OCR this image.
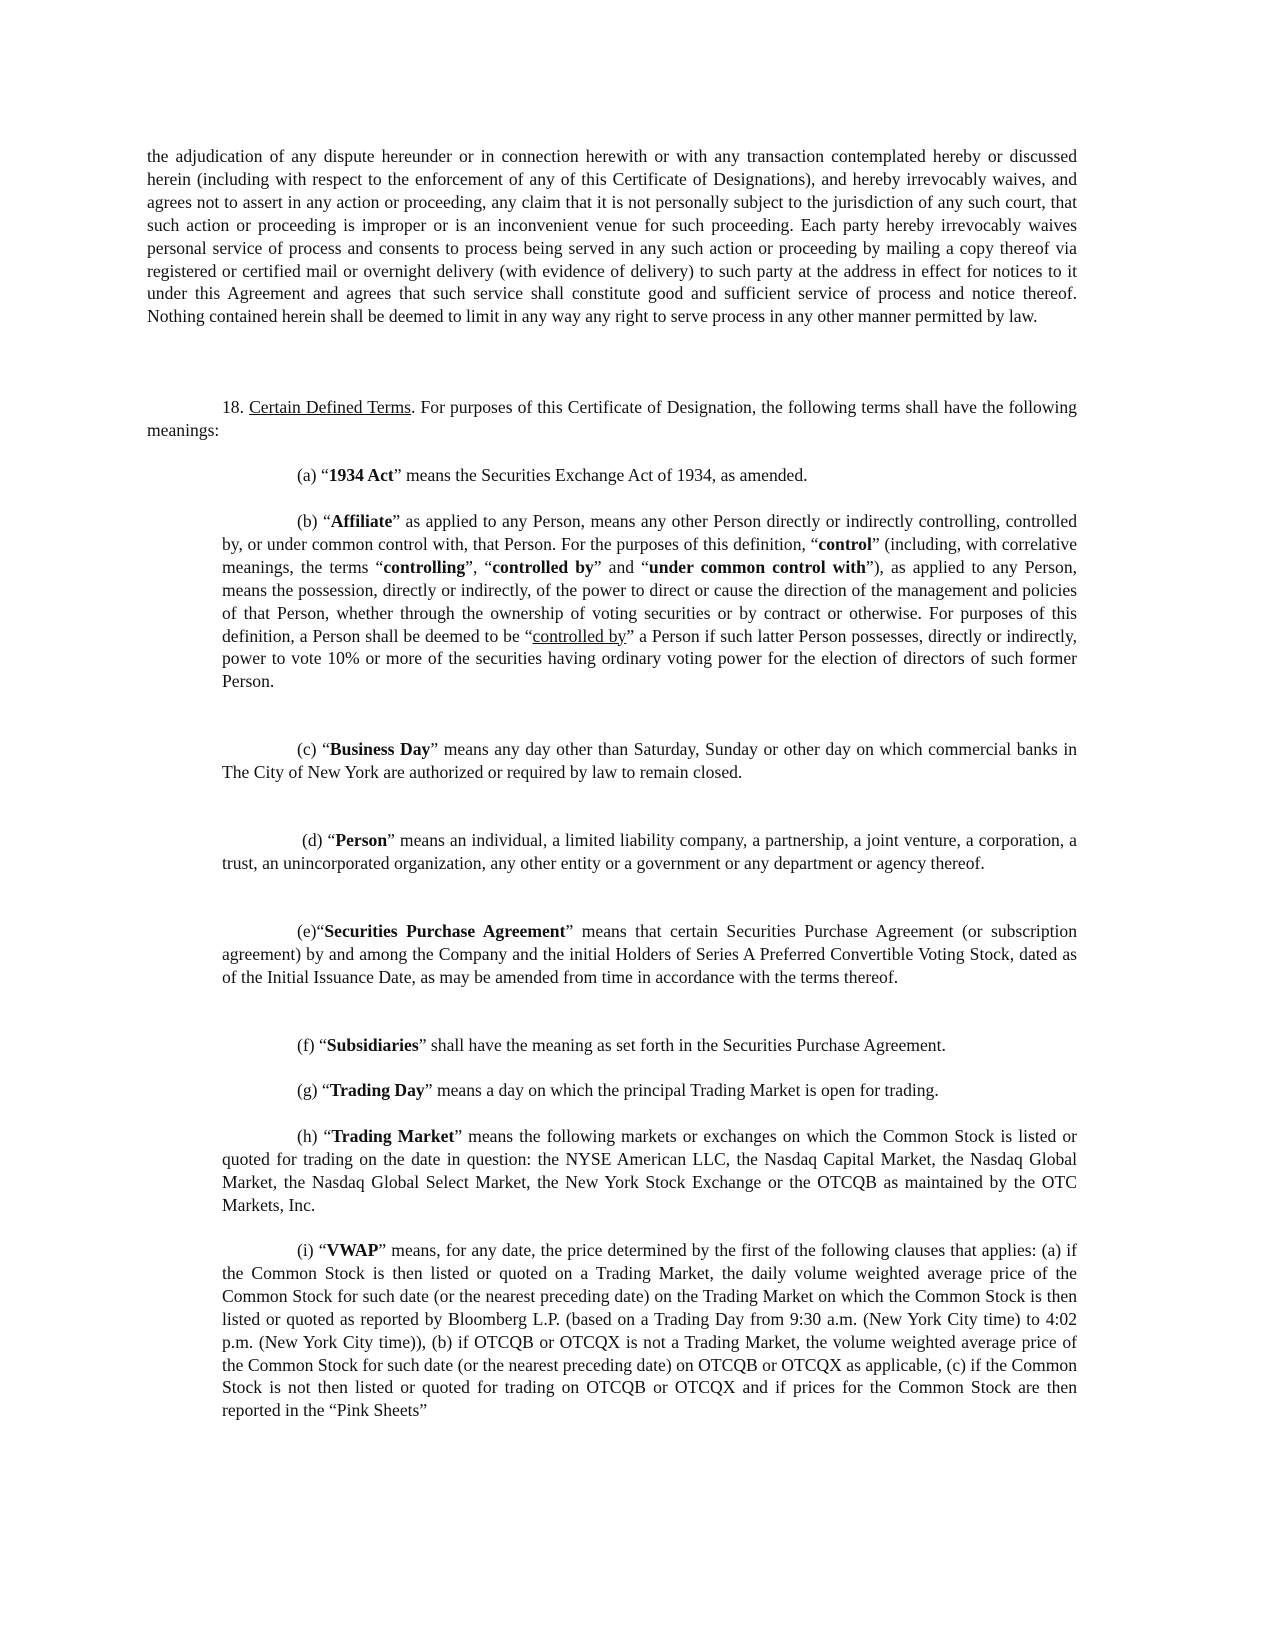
the adjudication of any dispute hereunder or in connection herewith or with any transaction contemplated hereby or discussed herein (including with respect to the enforcement of any of this Certificate of Designations), and hereby irrevocably waives, and agrees not to assert in any action or proceeding, any claim that it is not personally subject to the jurisdiction of any such court, that such action or proceeding is improper or is an inconvenient venue for such proceeding. Each party hereby irrevocably waives personal service of process and consents to process being served in any such action or proceeding by mailing a copy thereof via registered or certified mail or overnight delivery (with evidence of delivery) to such party at the address in effect for notices to it under this Agreement and agrees that such service shall constitute good and sufficient service of process and notice thereof. Nothing contained herein shall be deemed to limit in any way any right to serve process in any other manner permitted by law.

18. Certain Defined Terms. For purposes of this Certificate of Designation, the following terms shall have the following meanings:

(a) “1934 Act” means the Securities Exchange Act of 1934, as amended.

(b) “Affiliate” as applied to any Person, means any other Person directly or indirectly controlling, controlled by, or under common control with, that Person. For the purposes of this definition, “control” (including, with correlative meanings, the terms “controlling”, “controlled by” and “under common control with”), as applied to any Person, means the possession, directly or indirectly, of the power to direct or cause the direction of the management and policies of that Person, whether through the ownership of voting securities or by contract or otherwise. For purposes of this definition, a Person shall be deemed to be “controlled by” a Person if such latter Person possesses, directly or indirectly, power to vote 10% or more of the securities having ordinary voting power for the election of directors of such former Person.

(c) “Business Day” means any day other than Saturday, Sunday or other day on which commercial banks in The City of New York are authorized or required by law to remain closed.

(d) “Person” means an individual, a limited liability company, a partnership, a joint venture, a corporation, a trust, an unincorporated organization, any other entity or a government or any department or agency thereof.

(e)“Securities Purchase Agreement” means that certain Securities Purchase Agreement (or subscription agreement) by and among the Company and the initial Holders of Series A Preferred Convertible Voting Stock, dated as of the Initial Issuance Date, as may be amended from time in accordance with the terms thereof.

(f) “Subsidiaries” shall have the meaning as set forth in the Securities Purchase Agreement.

(g) “Trading Day” means a day on which the principal Trading Market is open for trading.

(h) “Trading Market” means the following markets or exchanges on which the Common Stock is listed or quoted for trading on the date in question: the NYSE American LLC, the Nasdaq Capital Market, the Nasdaq Global Market, the Nasdaq Global Select Market, the New York Stock Exchange or the OTCQB as maintained by the OTC Markets, Inc.

(i) “VWAP” means, for any date, the price determined by the first of the following clauses that applies: (a) if the Common Stock is then listed or quoted on a Trading Market, the daily volume weighted average price of the Common Stock for such date (or the nearest preceding date) on the Trading Market on which the Common Stock is then listed or quoted as reported by Bloomberg L.P. (based on a Trading Day from 9:30 a.m. (New York City time) to 4:02 p.m. (New York City time)), (b) if OTCQB or OTCQX is not a Trading Market, the volume weighted average price of the Common Stock for such date (or the nearest preceding date) on OTCQB or OTCQX as applicable, (c) if the Common Stock is not then listed or quoted for trading on OTCQB or OTCQX and if prices for the Common Stock are then reported in the “Pink Sheets”
